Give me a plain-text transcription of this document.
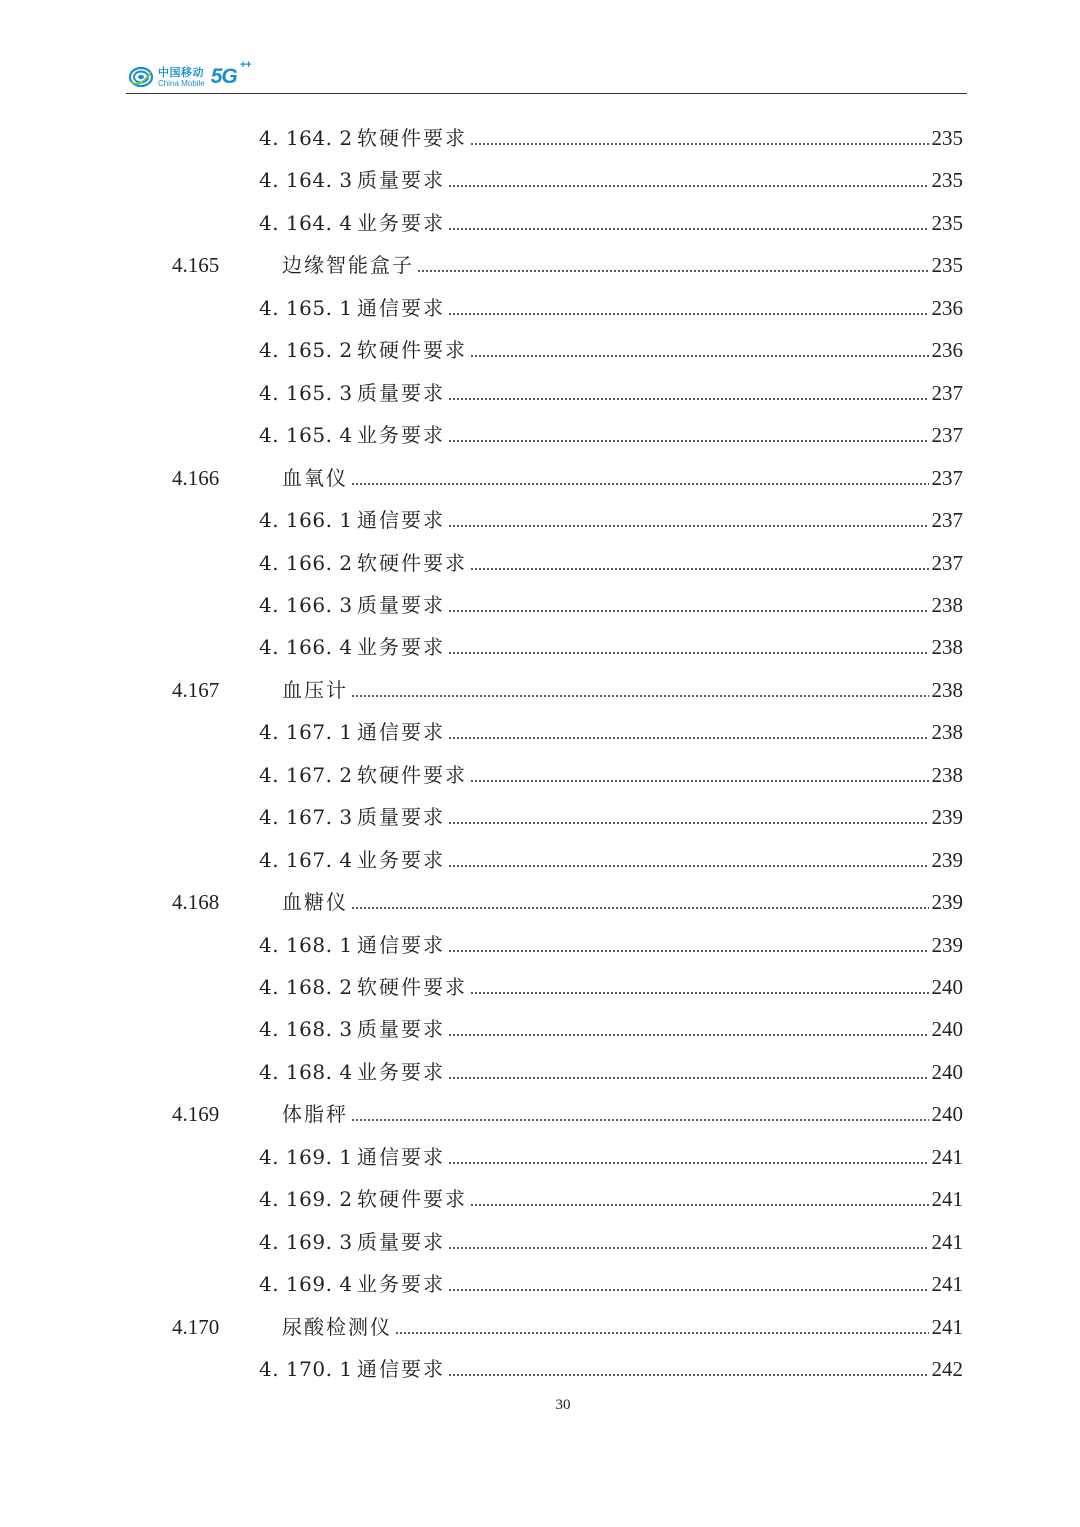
中国移动
China Mobile 5G ++
4. 164. 2 软硬件要求	235
4. 164. 3 质量要求	235
4. 164. 4 业务要求	235
4.165	边缘智能盒子	235
4. 165. 1 通信要求	236
4. 165. 2 软硬件要求	236
4. 165. 3 质量要求	237
4. 165. 4 业务要求	237
4.166	血氧仪	237
4. 166. 1 通信要求	237
4. 166. 2 软硬件要求	237
4. 166. 3 质量要求	238
4. 166. 4 业务要求	238
4.167	血压计	238
4. 167. 1 通信要求	238
4. 167. 2 软硬件要求	238
4. 167. 3 质量要求	239
4. 167. 4 业务要求	239
4.168	血糖仪	239
4. 168. 1 通信要求	239
4. 168. 2 软硬件要求	240
4. 168. 3 质量要求	240
4. 168. 4 业务要求	240
4.169	体脂秤	240
4. 169. 1 通信要求	241
4. 169. 2 软硬件要求	241
4. 169. 3 质量要求	241
4. 169. 4 业务要求	241
4.170	尿酸检测仪	241
4. 170. 1 通信要求	242
30
